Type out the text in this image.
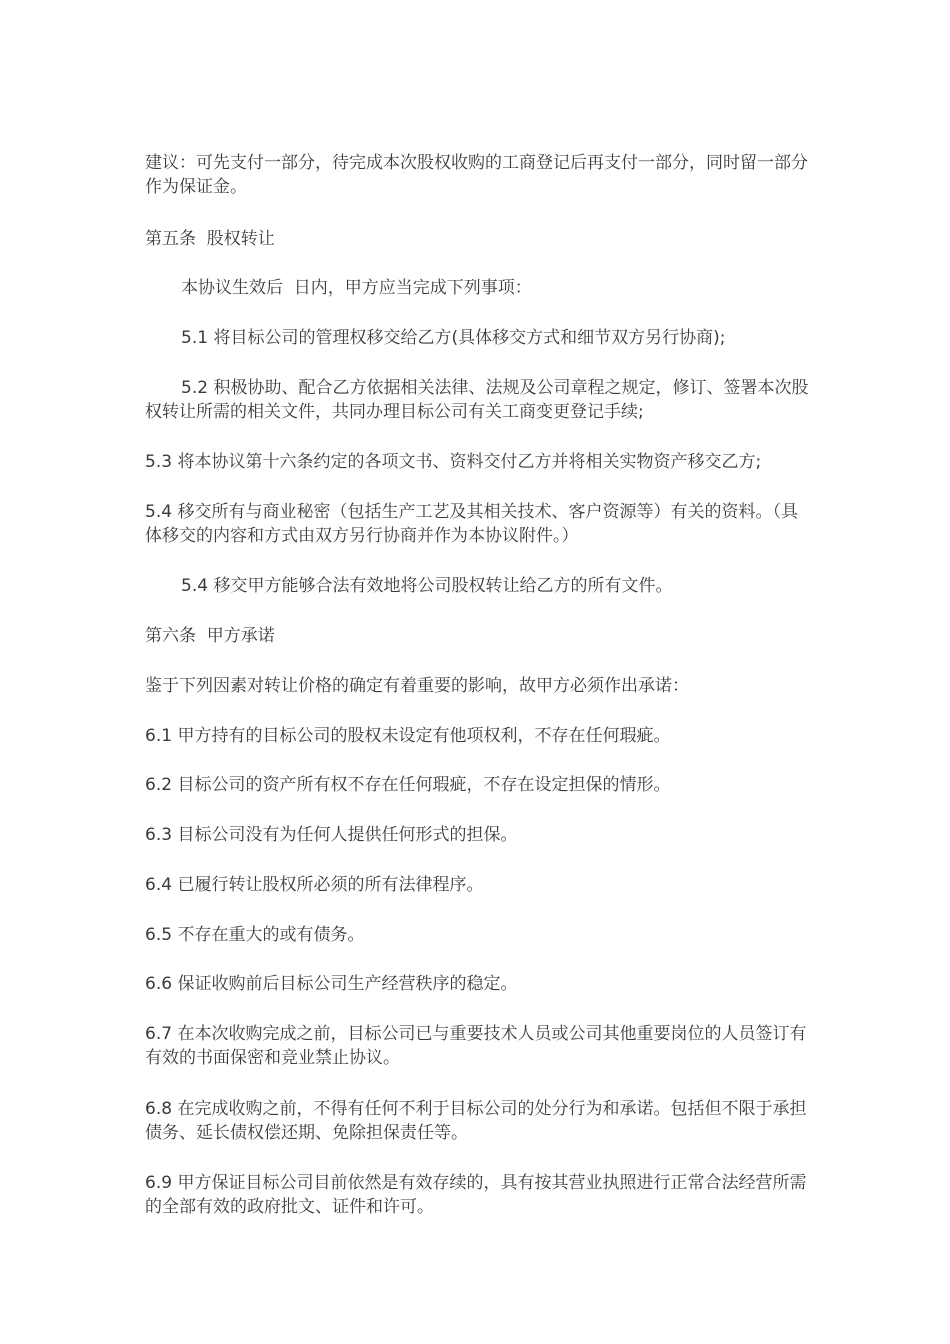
建议：可先支付一部分，待完成本次股权收购的工商登记后再支付一部分，同时留一部分作为保证金。

第五条  股权转让

本协议生效后  日内，甲方应当完成下列事项：

5.1 将目标公司的管理权移交给乙方(具体移交方式和细节双方另行协商);

5.2 积极协助、配合乙方依据相关法律、法规及公司章程之规定，修订、签署本次股权转让所需的相关文件，共同办理目标公司有关工商变更登记手续;

5.3 将本协议第十六条约定的各项文书、资料交付乙方并将相关实物资产移交乙方;

5.4 移交所有与商业秘密（包括生产工艺及其相关技术、客户资源等）有关的资料。（具体移交的内容和方式由双方另行协商并作为本协议附件。）

5.4 移交甲方能够合法有效地将公司股权转让给乙方的所有文件。

第六条  甲方承诺

鉴于下列因素对转让价格的确定有着重要的影响，故甲方必须作出承诺：

6.1 甲方持有的目标公司的股权未设定有他项权利，不存在任何瑕疵。

6.2 目标公司的资产所有权不存在任何瑕疵，不存在设定担保的情形。

6.3 目标公司没有为任何人提供任何形式的担保。

6.4 已履行转让股权所必须的所有法律程序。

6.5 不存在重大的或有债务。

6.6 保证收购前后目标公司生产经营秩序的稳定。

6.7 在本次收购完成之前，目标公司已与重要技术人员或公司其他重要岗位的人员签订有有效的书面保密和竞业禁止协议。

6.8 在完成收购之前，不得有任何不利于目标公司的处分行为和承诺。包括但不限于承担债务、延长债权偿还期、免除担保责任等。

6.9 甲方保证目标公司目前依然是有效存续的，具有按其营业执照进行正常合法经营所需的全部有效的政府批文、证件和许可。
